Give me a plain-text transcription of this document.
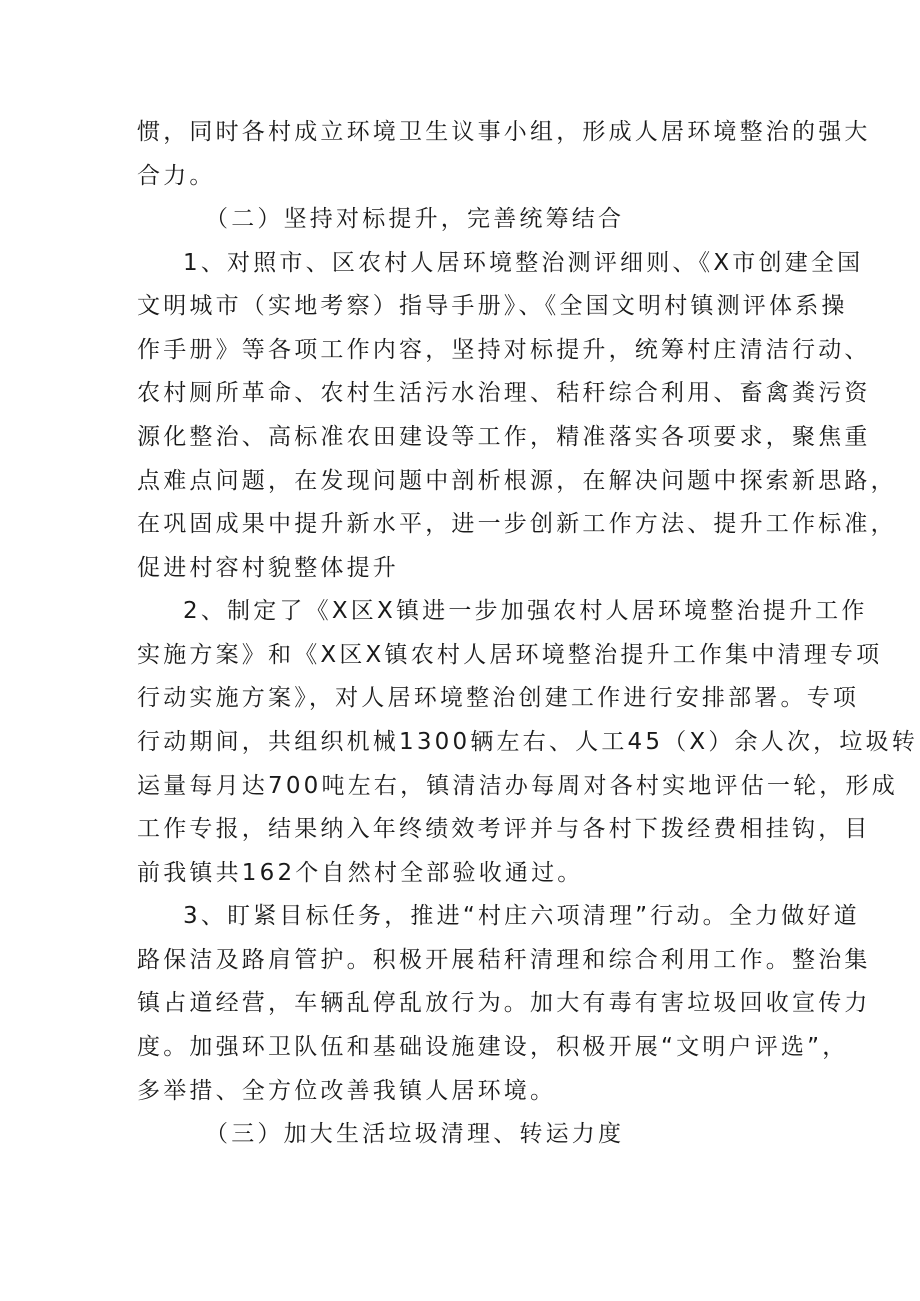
惯，同时各村成立环境卫生议事小组，形成人居环境整治的强大
合力。
（二）坚持对标提升，完善统筹结合
1、对照市、区农村人居环境整治测评细则、《X市创建全国
文明城市（实地考察）指导手册》、《全国文明村镇测评体系操
作手册》等各项工作内容，坚持对标提升，统筹村庄清洁行动、
农村厕所革命、农村生活污水治理、秸秆综合利用、畜禽粪污资
源化整治、高标准农田建设等工作，精准落实各项要求，聚焦重
点难点问题，在发现问题中剖析根源，在解决问题中探索新思路，
在巩固成果中提升新水平，进一步创新工作方法、提升工作标准，
促进村容村貌整体提升
2、制定了《X区X镇进一步加强农村人居环境整治提升工作
实施方案》和《X区X镇农村人居环境整治提升工作集中清理专项
行动实施方案》，对人居环境整治创建工作进行安排部署。专项
行动期间，共组织机械1300辆左右、人工45（X）余人次，垃圾转
运量每月达700吨左右，镇清洁办每周对各村实地评估一轮，形成
工作专报，结果纳入年终绩效考评并与各村下拨经费相挂钩，目
前我镇共162个自然村全部验收通过。
3、盯紧目标任务，推进“村庄六项清理”行动。全力做好道
路保洁及路肩管护。积极开展秸秆清理和综合利用工作。整治集
镇占道经营，车辆乱停乱放行为。加大有毒有害垃圾回收宣传力
度。加强环卫队伍和基础设施建设，积极开展“文明户评选”，
多举措、全方位改善我镇人居环境。
（三）加大生活垃圾清理、转运力度
